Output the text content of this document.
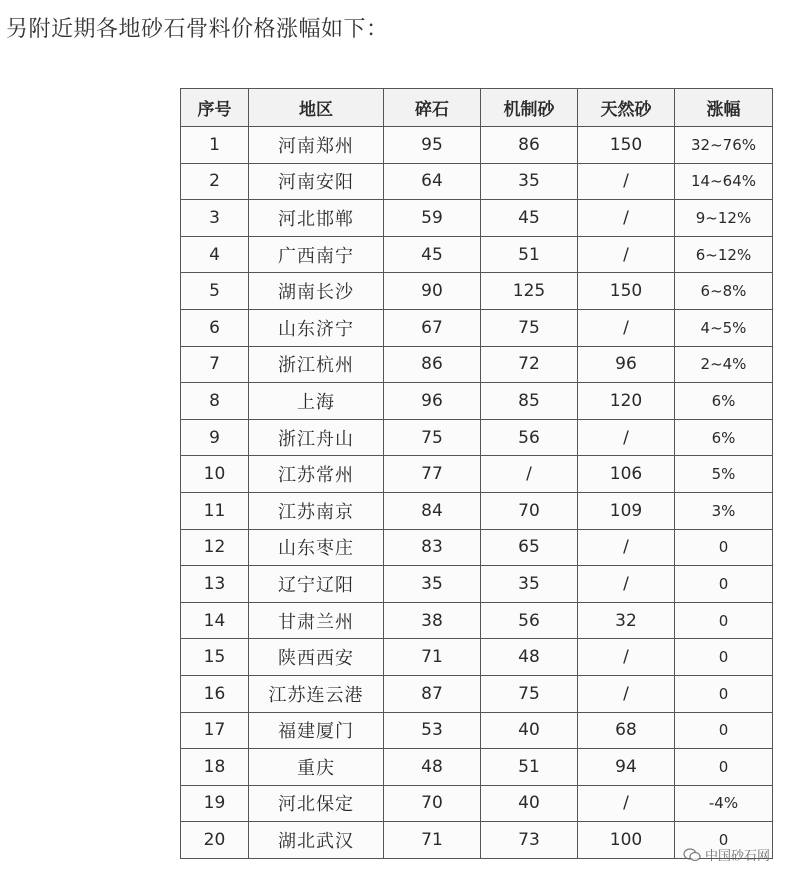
另附近期各地砂石骨料价格涨幅如下：
序号	地区	碎石	机制砂	天然砂	涨幅
1	河南郑州	95	86	150	32~76%
2	河南安阳	64	35	/	14~64%
3	河北邯郸	59	45	/	9~12%
4	广西南宁	45	51	/	6~12%
5	湖南长沙	90	125	150	6~8%
6	山东济宁	67	75	/	4~5%
7	浙江杭州	86	72	96	2~4%
8	上海	96	85	120	6%
9	浙江舟山	75	56	/	6%
10	江苏常州	77	/	106	5%
11	江苏南京	84	70	109	3%
12	山东枣庄	83	65	/	0
13	辽宁辽阳	35	35	/	0
14	甘肃兰州	38	56	32	0
15	陕西西安	71	48	/	0
16	江苏连云港	87	75	/	0
17	福建厦门	53	40	68	0
18	重庆	48	51	94	0
19	河北保定	70	40	/	-4%
20	湖北武汉	71	73	100	0
中国砂石网
